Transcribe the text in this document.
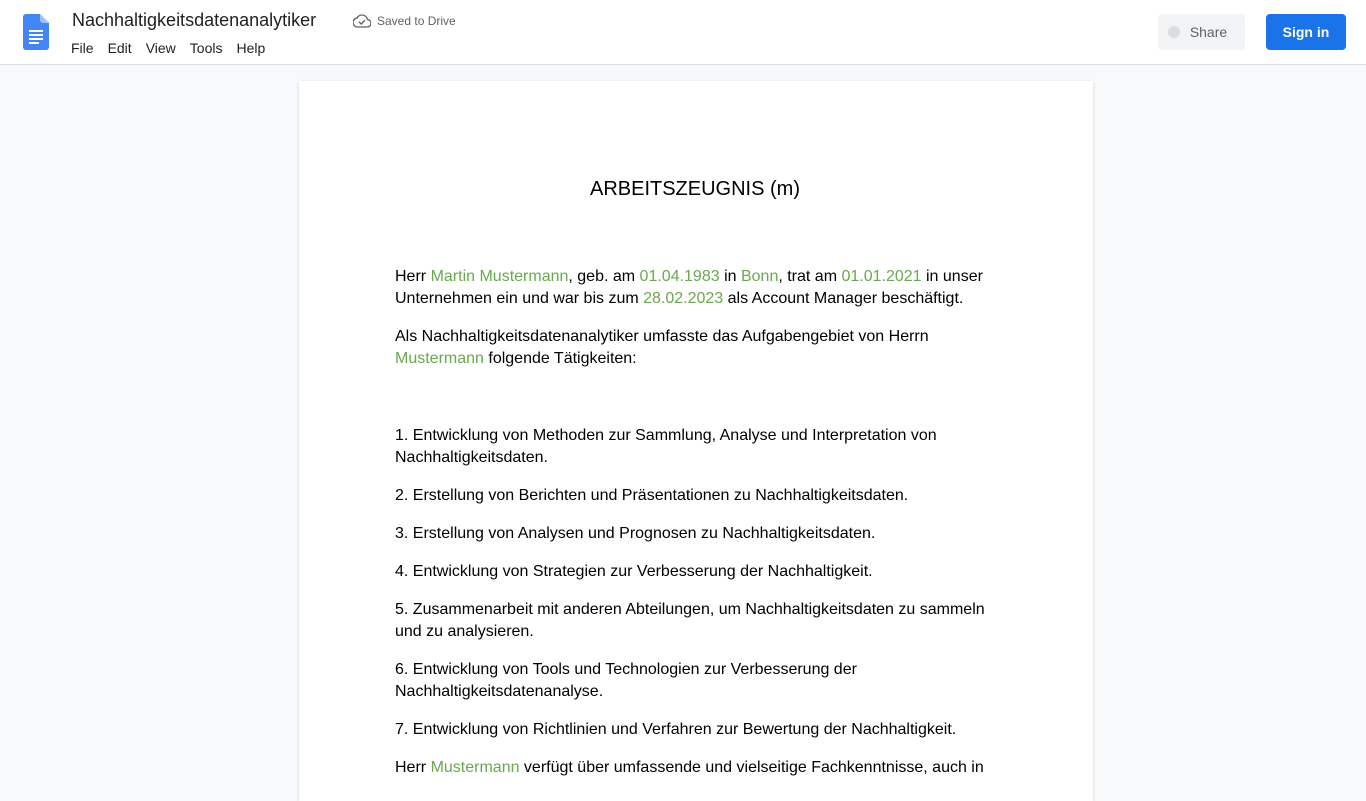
Nachhaltigkeitsdatenanalytiker	Saved to Drive
File	Edit	View	Tools	Help
Share	Sign in
ARBEITSZEUGNIS (m)

Herr Martin Mustermann, geb. am 01.04.1983 in Bonn, trat am 01.01.2021 in unser
Unternehmen ein und war bis zum 28.02.2023 als Account Manager beschäftigt.

Als Nachhaltigkeitsdatenanalytiker umfasste das Aufgabengebiet von Herrn
Mustermann folgende Tätigkeiten:

1. Entwicklung von Methoden zur Sammlung, Analyse und Interpretation von
Nachhaltigkeitsdaten.

2. Erstellung von Berichten und Präsentationen zu Nachhaltigkeitsdaten.

3. Erstellung von Analysen und Prognosen zu Nachhaltigkeitsdaten.

4. Entwicklung von Strategien zur Verbesserung der Nachhaltigkeit.

5. Zusammenarbeit mit anderen Abteilungen, um Nachhaltigkeitsdaten zu sammeln
und zu analysieren.

6. Entwicklung von Tools und Technologien zur Verbesserung der
Nachhaltigkeitsdatenanalyse.

7. Entwicklung von Richtlinien und Verfahren zur Bewertung der Nachhaltigkeit.

Herr Mustermann verfügt über umfassende und vielseitige Fachkenntnisse, auch in
